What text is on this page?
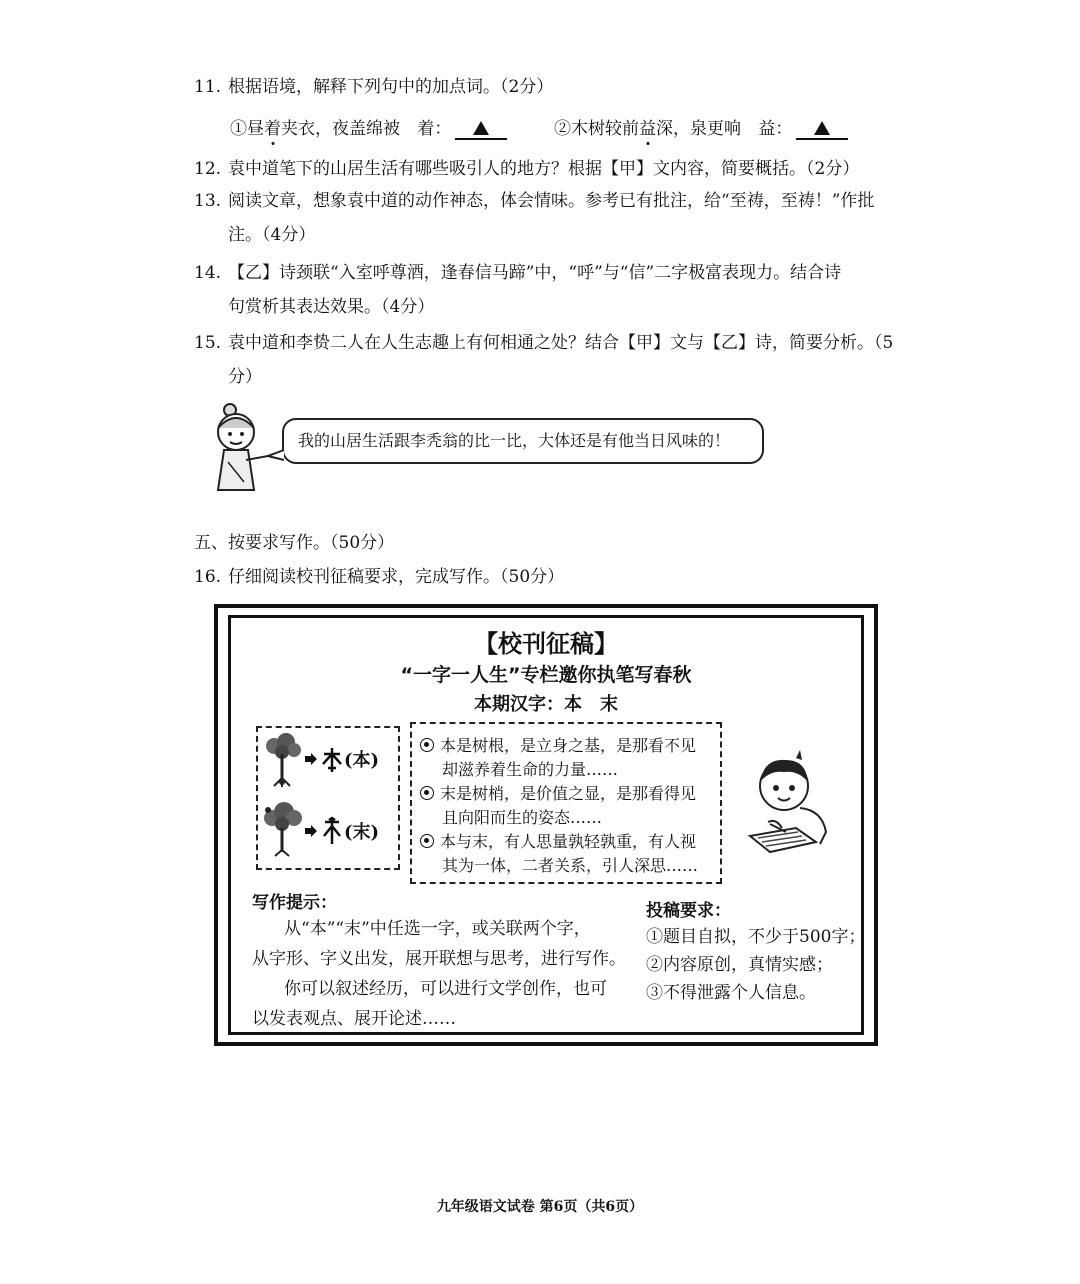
11. 根据语境，解释下列句中的加点词。（2分）
①昼着夹衣，夜盖绵被 着：	②木树较前益深，泉更响 益：
12. 袁中道笔下的山居生活有哪些吸引人的地方？根据【甲】文内容，简要概括。（2分）
13. 阅读文章，想象袁中道的动作神态，体会情味。参考已有批注，给“至祷，至祷！”作批
注。（4分）
14. 【乙】诗颈联“入室呼尊酒，逢春信马蹄”中，“呼”与“信”二字极富表现力。结合诗
句赏析其表达效果。（4分）
15. 袁中道和李贽二人在人生志趣上有何相通之处？结合【甲】文与【乙】诗，简要分析。（5
分）
我的山居生活跟李秃翁的比一比，大体还是有他当日风味的！
五、按要求写作。（50分）
16. 仔细阅读校刊征稿要求，完成写作。（50分）
【校刊征稿】
“一字一人生”专栏邀你执笔写春秋
本期汉字：本　末
(本)
(末)
本是树根，是立身之基，是那看不见
却滋养着生命的力量……
末是树梢，是价值之显，是那看得见
且向阳而生的姿态……
本与末，有人思量孰轻孰重，有人视
其为一体，二者关系，引人深思……
写作提示：
从“本”“末”中任选一字，或关联两个字，
从字形、字义出发，展开联想与思考，进行写作。
你可以叙述经历，可以进行文学创作，也可
以发表观点、展开论述……
投稿要求：
①题目自拟，不少于500字；
②内容原创，真情实感；
③不得泄露个人信息。
九年级语文试卷 第6页（共6页）
